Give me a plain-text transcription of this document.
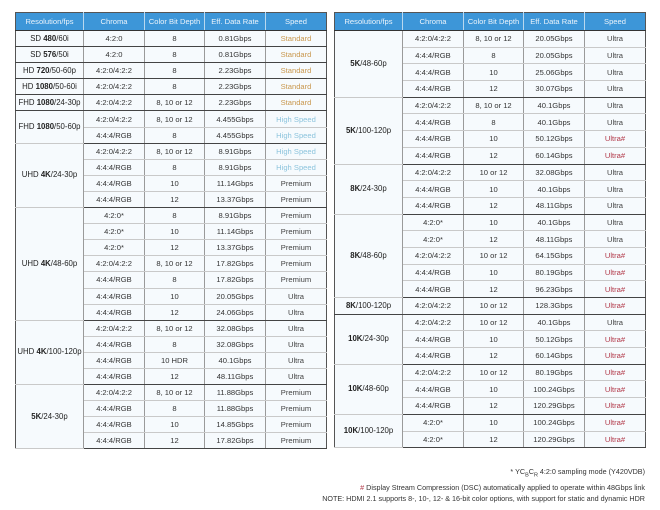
Resolution/fps	Chroma	Color Bit Depth	Eff. Data Rate	Speed
SD 480/60i	4:2:0	8	0.81Gbps	Standard
SD 576/50i	4:2:0	8	0.81Gbps	Standard
HD 720/50-60p	4:2:0/4:2:2	8	2.23Gbps	Standard
HD 1080/50-60i	4:2:0/4:2:2	8	2.23Gbps	Standard
FHD 1080/24-30p	4:2:0/4:2:2	8, 10 or 12	2.23Gbps	Standard
FHD 1080/50-60p	4:2:0/4:2:2	8, 10 or 12	4.455Gbps	High Speed
	4:4:4/RGB	8	4.455Gbps	High Speed
UHD 4K/24-30p	4:2:0/4:2:2	8, 10 or 12	8.91Gbps	High Speed
	4:4:4/RGB	8	8.91Gbps	High Speed
	4:4:4/RGB	10	11.14Gbps	Premium
	4:4:4/RGB	12	13.37Gbps	Premium
UHD 4K/48-60p	4:2:0*	8	8.91Gbps	Premium
	4:2:0*	10	11.14Gbps	Premium
	4:2:0*	12	13.37Gbps	Premium
	4:2:0/4:2:2	8, 10 or 12	17.82Gbps	Premium
	4:4:4/RGB	8	17.82Gbps	Premium
	4:4:4/RGB	10	20.05Gbps	Ultra
	4:4:4/RGB	12	24.06Gbps	Ultra
UHD 4K/100-120p	4:2:0/4:2:2	8, 10 or 12	32.08Gbps	Ultra
	4:4:4/RGB	8	32.08Gbps	Ultra
	4:4:4/RGB	10 HDR	40.1Gbps	Ultra
	4:4:4/RGB	12	48.11Gbps	Ultra
5K/24-30p	4:2:0/4:2:2	8, 10 or 12	11.88Gbps	Premium
	4:4:4/RGB	8	11.88Gbps	Premium
	4:4:4/RGB	10	14.85Gbps	Premium
	4:4:4/RGB	12	17.82Gbps	Premium
Resolution/fps	Chroma	Color Bit Depth	Eff. Data Rate	Speed
5K/48-60p	4:2:0/4:2:2	8, 10 or 12	20.05Gbps	Ultra
	4:4:4/RGB	8	20.05Gbps	Ultra
	4:4:4/RGB	10	25.06Gbps	Ultra
	4:4:4/RGB	12	30.07Gbps	Ultra
5K/100-120p	4:2:0/4:2:2	8, 10 or 12	40.1Gbps	Ultra
	4:4:4/RGB	8	40.1Gbps	Ultra
	4:4:4/RGB	10	50.12Gbps	Ultra#
	4:4:4/RGB	12	60.14Gbps	Ultra#
8K/24-30p	4:2:0/4:2:2	10 or 12	32.08Gbps	Ultra
	4:4:4/RGB	10	40.1Gbps	Ultra
	4:4:4/RGB	12	48.11Gbps	Ultra
8K/48-60p	4:2:0*	10	40.1Gbps	Ultra
	4:2:0*	12	48.11Gbps	Ultra
	4:2:0/4:2:2	10 or 12	64.15Gbps	Ultra#
	4:4:4/RGB	10	80.19Gbps	Ultra#
	4:4:4/RGB	12	96.23Gbps	Ultra#
8K/100-120p	4:2:0/4:2:2	10 or 12	128.3Gbps	Ultra#
10K/24-30p	4:2:0/4:2:2	10 or 12	40.1Gbps	Ultra
	4:4:4/RGB	10	50.12Gbps	Ultra#
	4:4:4/RGB	12	60.14Gbps	Ultra#
10K/48-60p	4:2:0/4:2:2	10 or 12	80.19Gbps	Ultra#
	4:4:4/RGB	10	100.24Gbps	Ultra#
	4:4:4/RGB	12	120.29Gbps	Ultra#
10K/100-120p	4:2:0*	10	100.24Gbps	Ultra#
	4:2:0*	12	120.29Gbps	Ultra#
* $YC_BC_R$ 4:2:0 sampling mode (Y420VDB)
# Display Stream Compression (DSC) automatically applied to operate within 48Gbps link
NOTE: HDMI 2.1 supports 8-, 10-, 12- & 16-bit color options, with support for static and dynamic HDR
